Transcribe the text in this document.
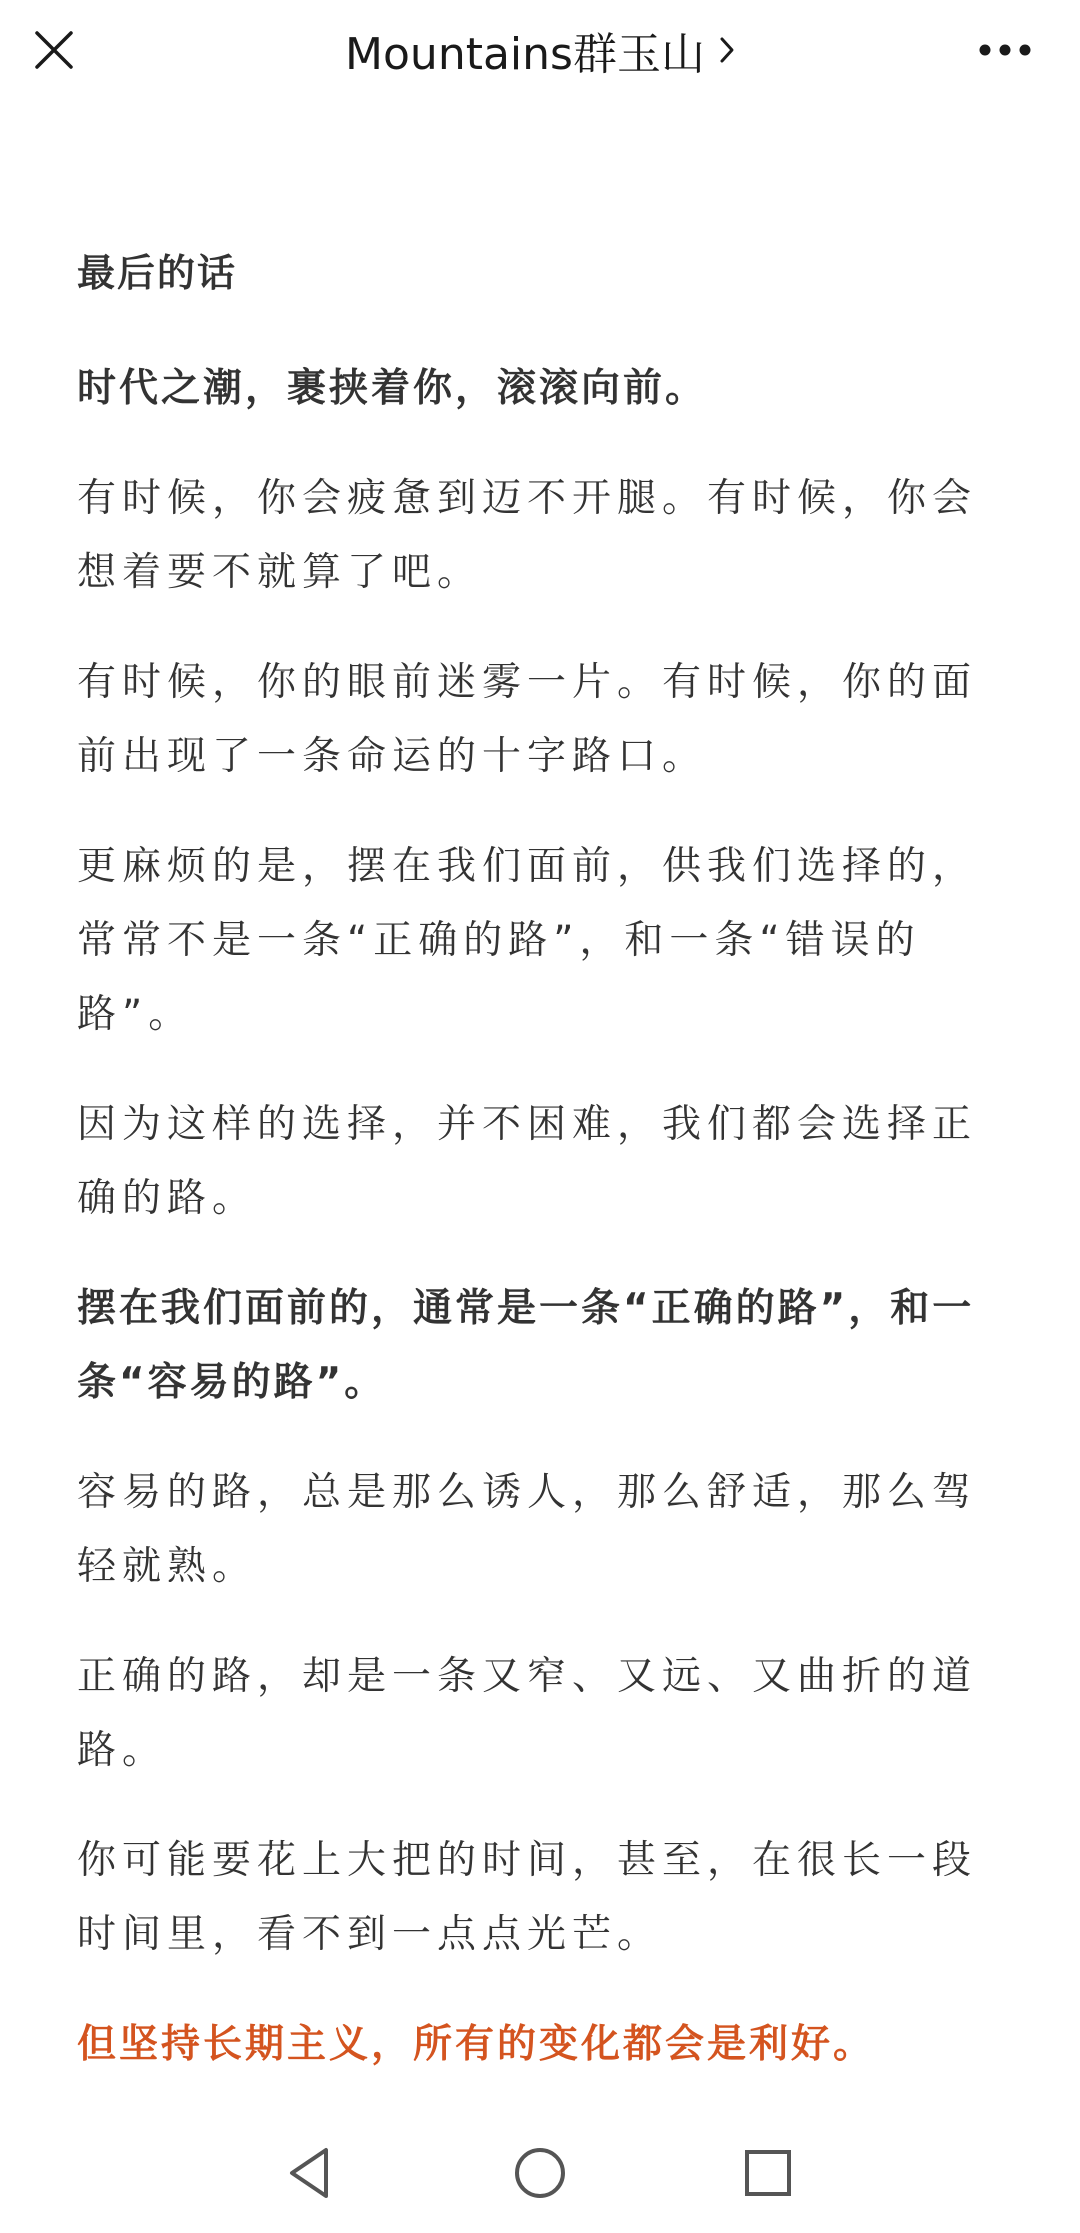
Mountains群玉山

最后的话

时代之潮，裹挟着你，滚滚向前。

有时候，你会疲惫到迈不开腿。有时候，你会想着要不就算了吧。

有时候，你的眼前迷雾一片。有时候，你的面前出现了一条命运的十字路口。

更麻烦的是，摆在我们面前，供我们选择的，常常不是一条“正确的路”，和一条“错误的路”。

因为这样的选择，并不困难，我们都会选择正确的路。

摆在我们面前的，通常是一条“正确的路”，和一条“容易的路”。

容易的路，总是那么诱人，那么舒适，那么驾轻就熟。

正确的路，却是一条又窄、又远、又曲折的道路。

你可能要花上大把的时间，甚至，在很长一段时间里，看不到一点点光芒。

但坚持长期主义，所有的变化都会是利好。
